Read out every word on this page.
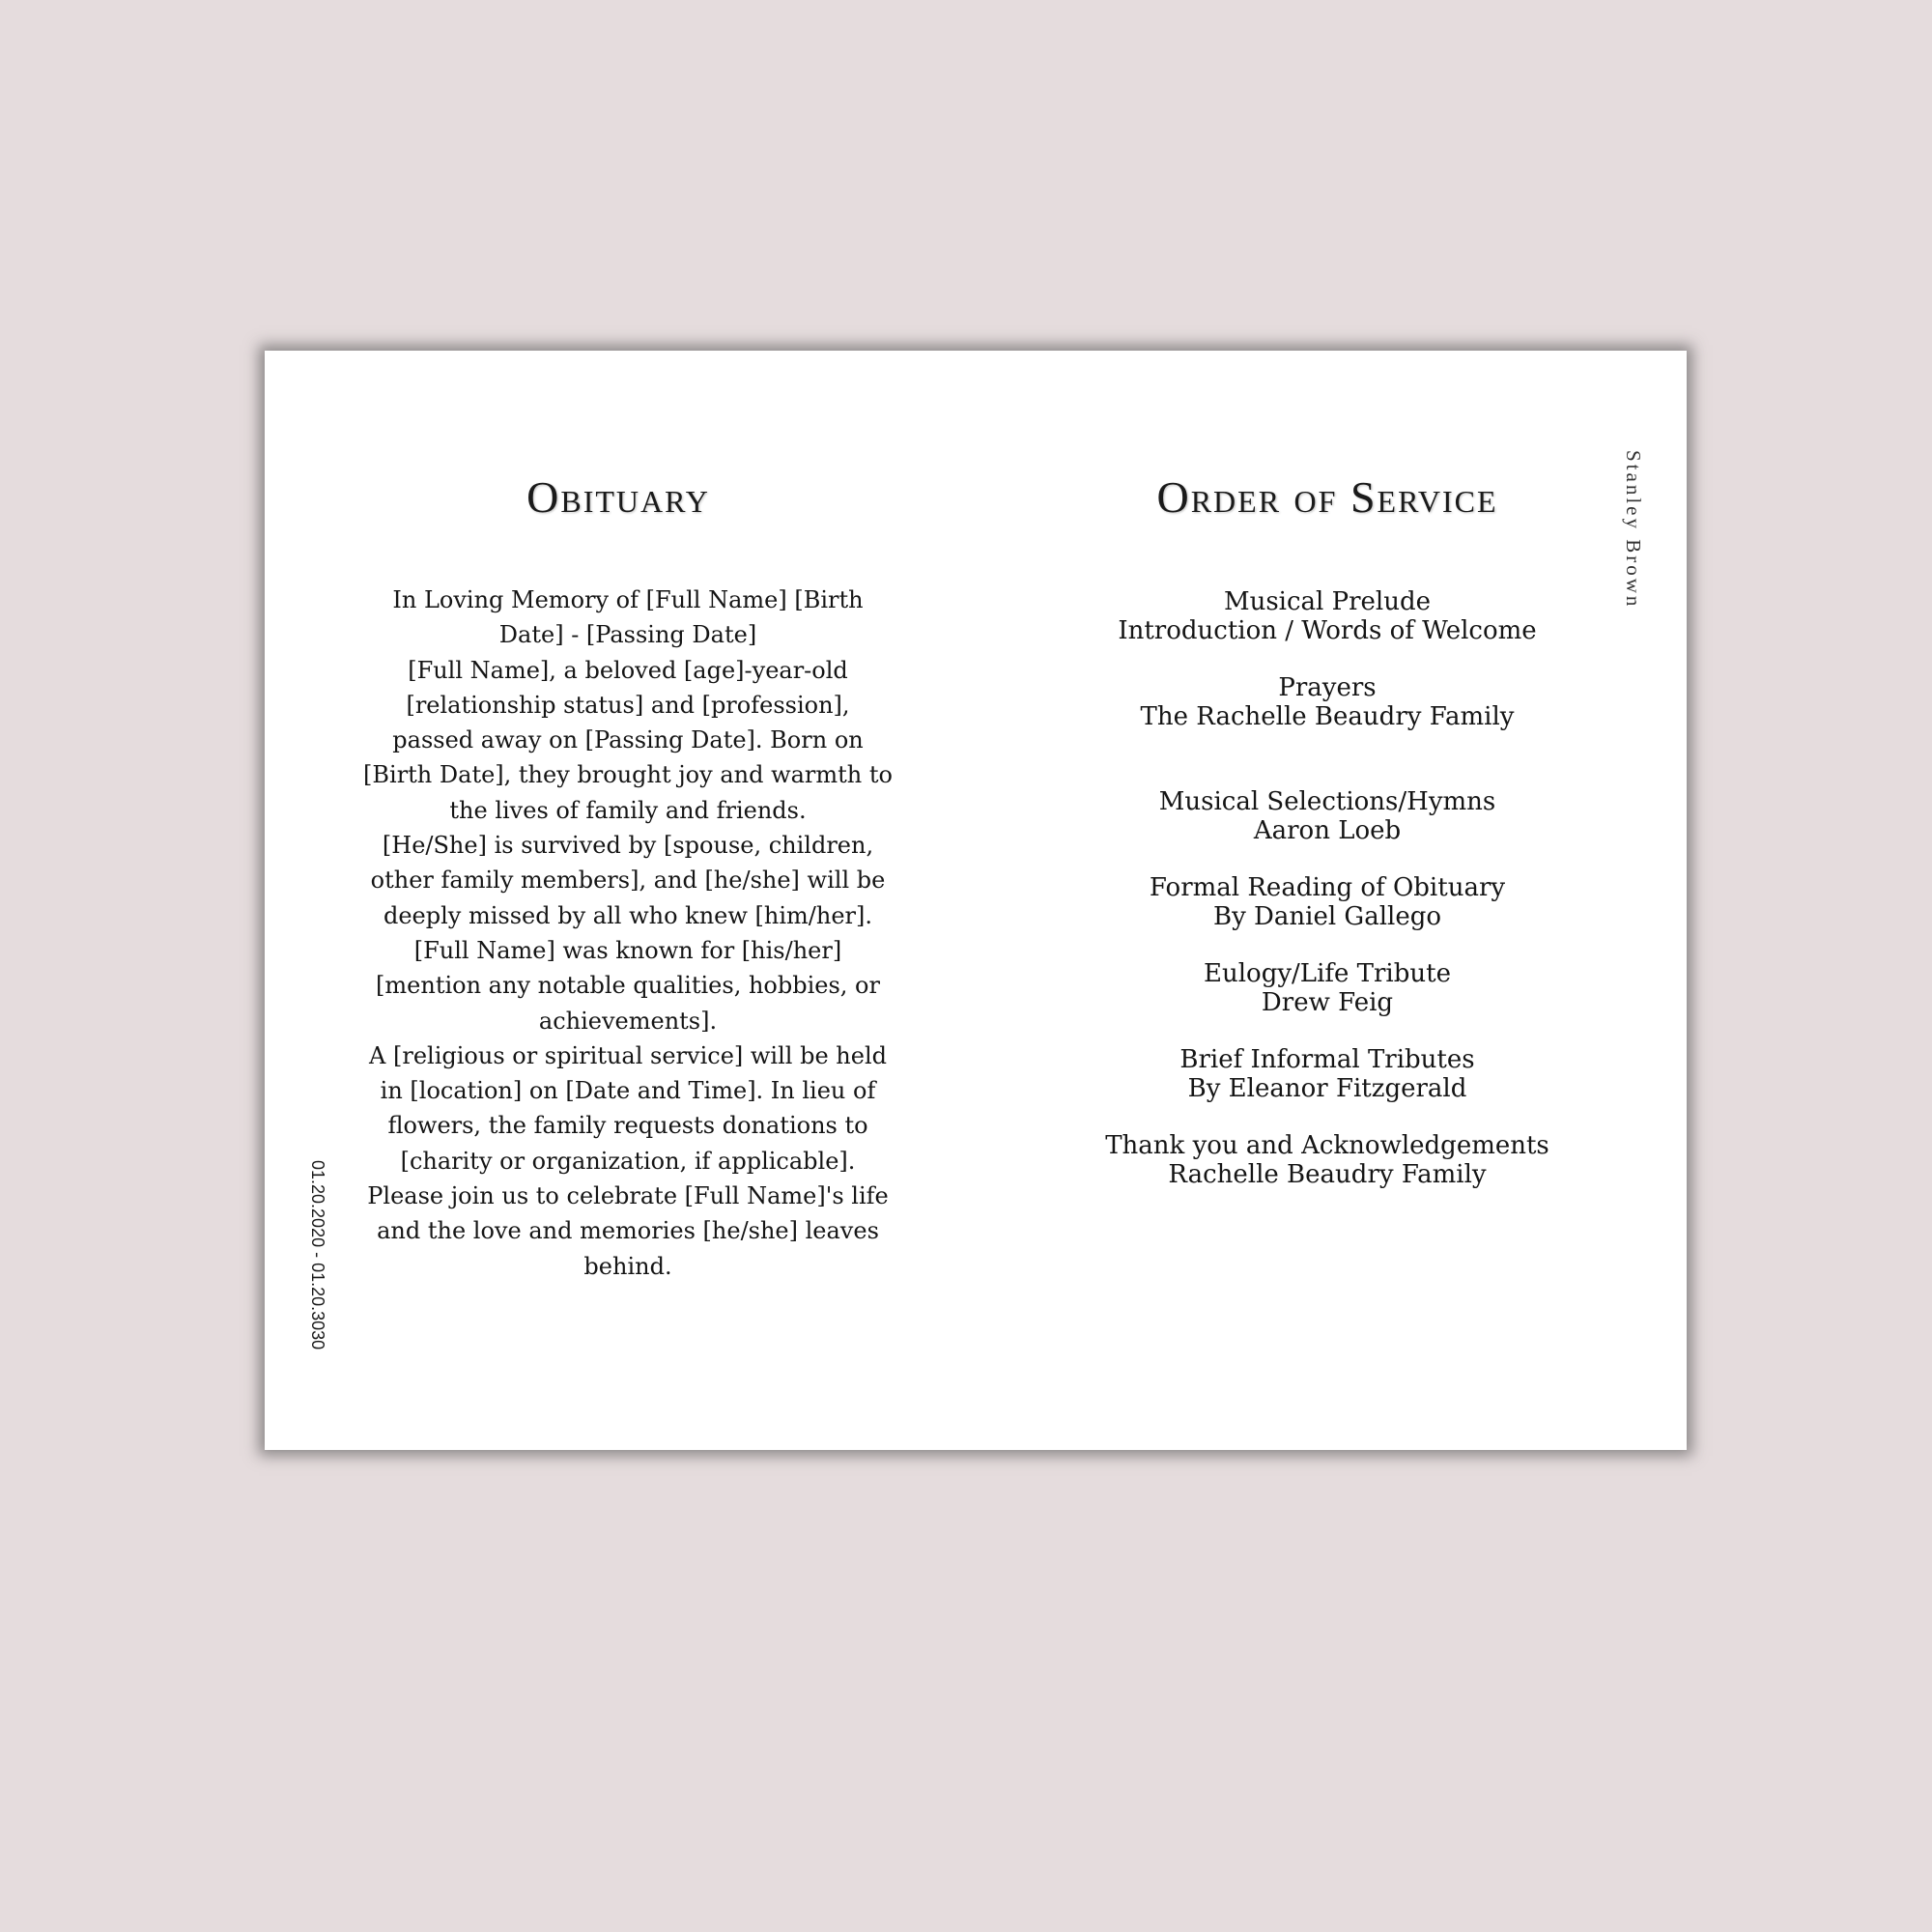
Obituary

In Loving Memory of [Full Name] [Birth Date] - [Passing Date]

[Full Name], a beloved [age]-year-old [relationship status] and [profession], passed away on [Passing Date]. Born on [Birth Date], they brought joy and warmth to the lives of family and friends.

[He/She] is survived by [spouse, children, other family members], and [he/she] will be deeply missed by all who knew [him/her].

[Full Name] was known for [his/her] [mention any notable qualities, hobbies, or achievements].

A [religious or spiritual service] will be held in [location] on [Date and Time]. In lieu of flowers, the family requests donations to [charity or organization, if applicable].

Please join us to celebrate [Full Name]'s life and the love and memories [he/she] leaves behind.

Order of Service
Musical Prelude
Introduction / Words of Welcome
Prayers
The Rachelle Beaudry Family
Musical Selections/Hymns
Aaron Loeb
Formal Reading of Obituary
By Daniel Gallego
Eulogy/Life Tribute
Drew Feig
Brief Informal Tributes
By Eleanor Fitzgerald
Thank you and Acknowledgements
Rachelle Beaudry Family
Stanley Brown
01.20.2020 - 01.20.3030
